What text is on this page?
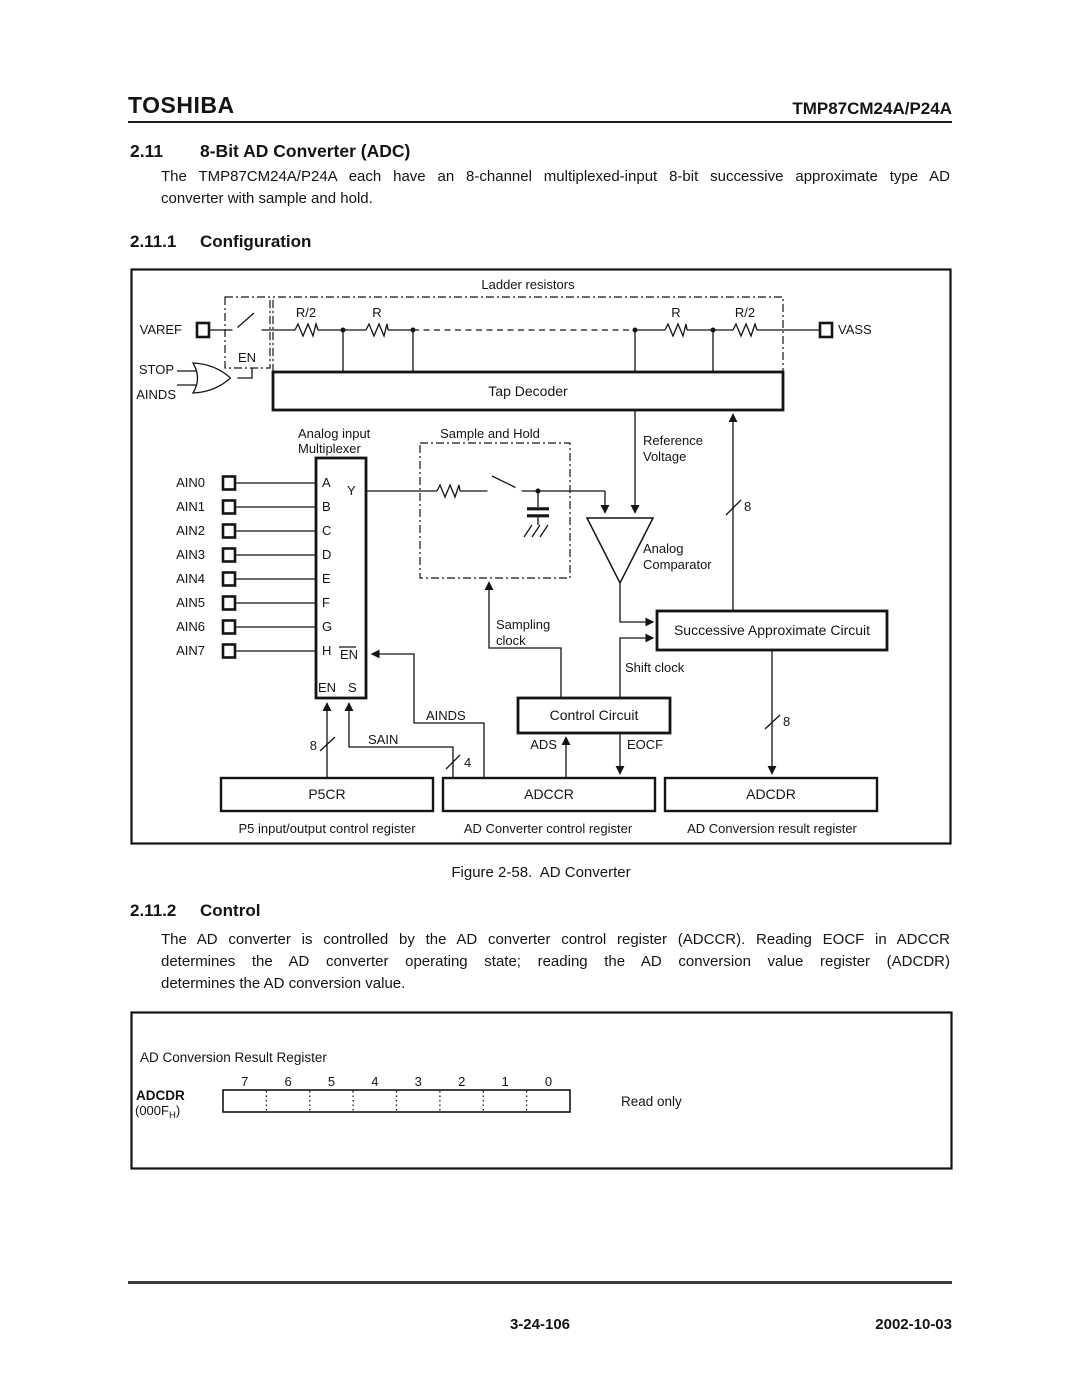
TOSHIBA	TMP87CM24A/P24A
2.11 8-Bit AD Converter (ADC)
The TMP87CM24A/P24A each have an 8-channel multiplexed-input 8-bit successive approximate type AD
converter with sample and hold.
2.11.1 Configuration
Ladder resistors
VAREF
EN
STOP
AINDS
R/2	R	R	R/2
VASS
Tap Decoder
Analog input
Multiplexer
AIN0	A
AIN1	B
AIN2	C
AIN3	D
AIN4	E
AIN5	F
AIN6	G
AIN7	H
Y
EN
EN S
Sample and Hold	Reference
Voltage
Analog
Comparator
Successive Approximate Circuit
8
Shift clock
Sampling
clock
Control Circuit
ADS	EOCF
AINDS
4
SAIN
8
8
P5CR	ADCCR	ADCDR
P5 input/output control register	AD Converter control register	AD Conversion result register
Figure 2-58.  AD Converter
2.11.2 Control
The AD converter is controlled by the AD converter control register (ADCCR). Reading EOCF in ADCCR
determines the AD converter operating state; reading the AD conversion value register (ADCDR)
determines the AD conversion value.
AD Conversion Result Register
7	6	5	4	3	2	1	0
ADCDR
$(000F_H)$
Read only
3-24-106	2002-10-03
